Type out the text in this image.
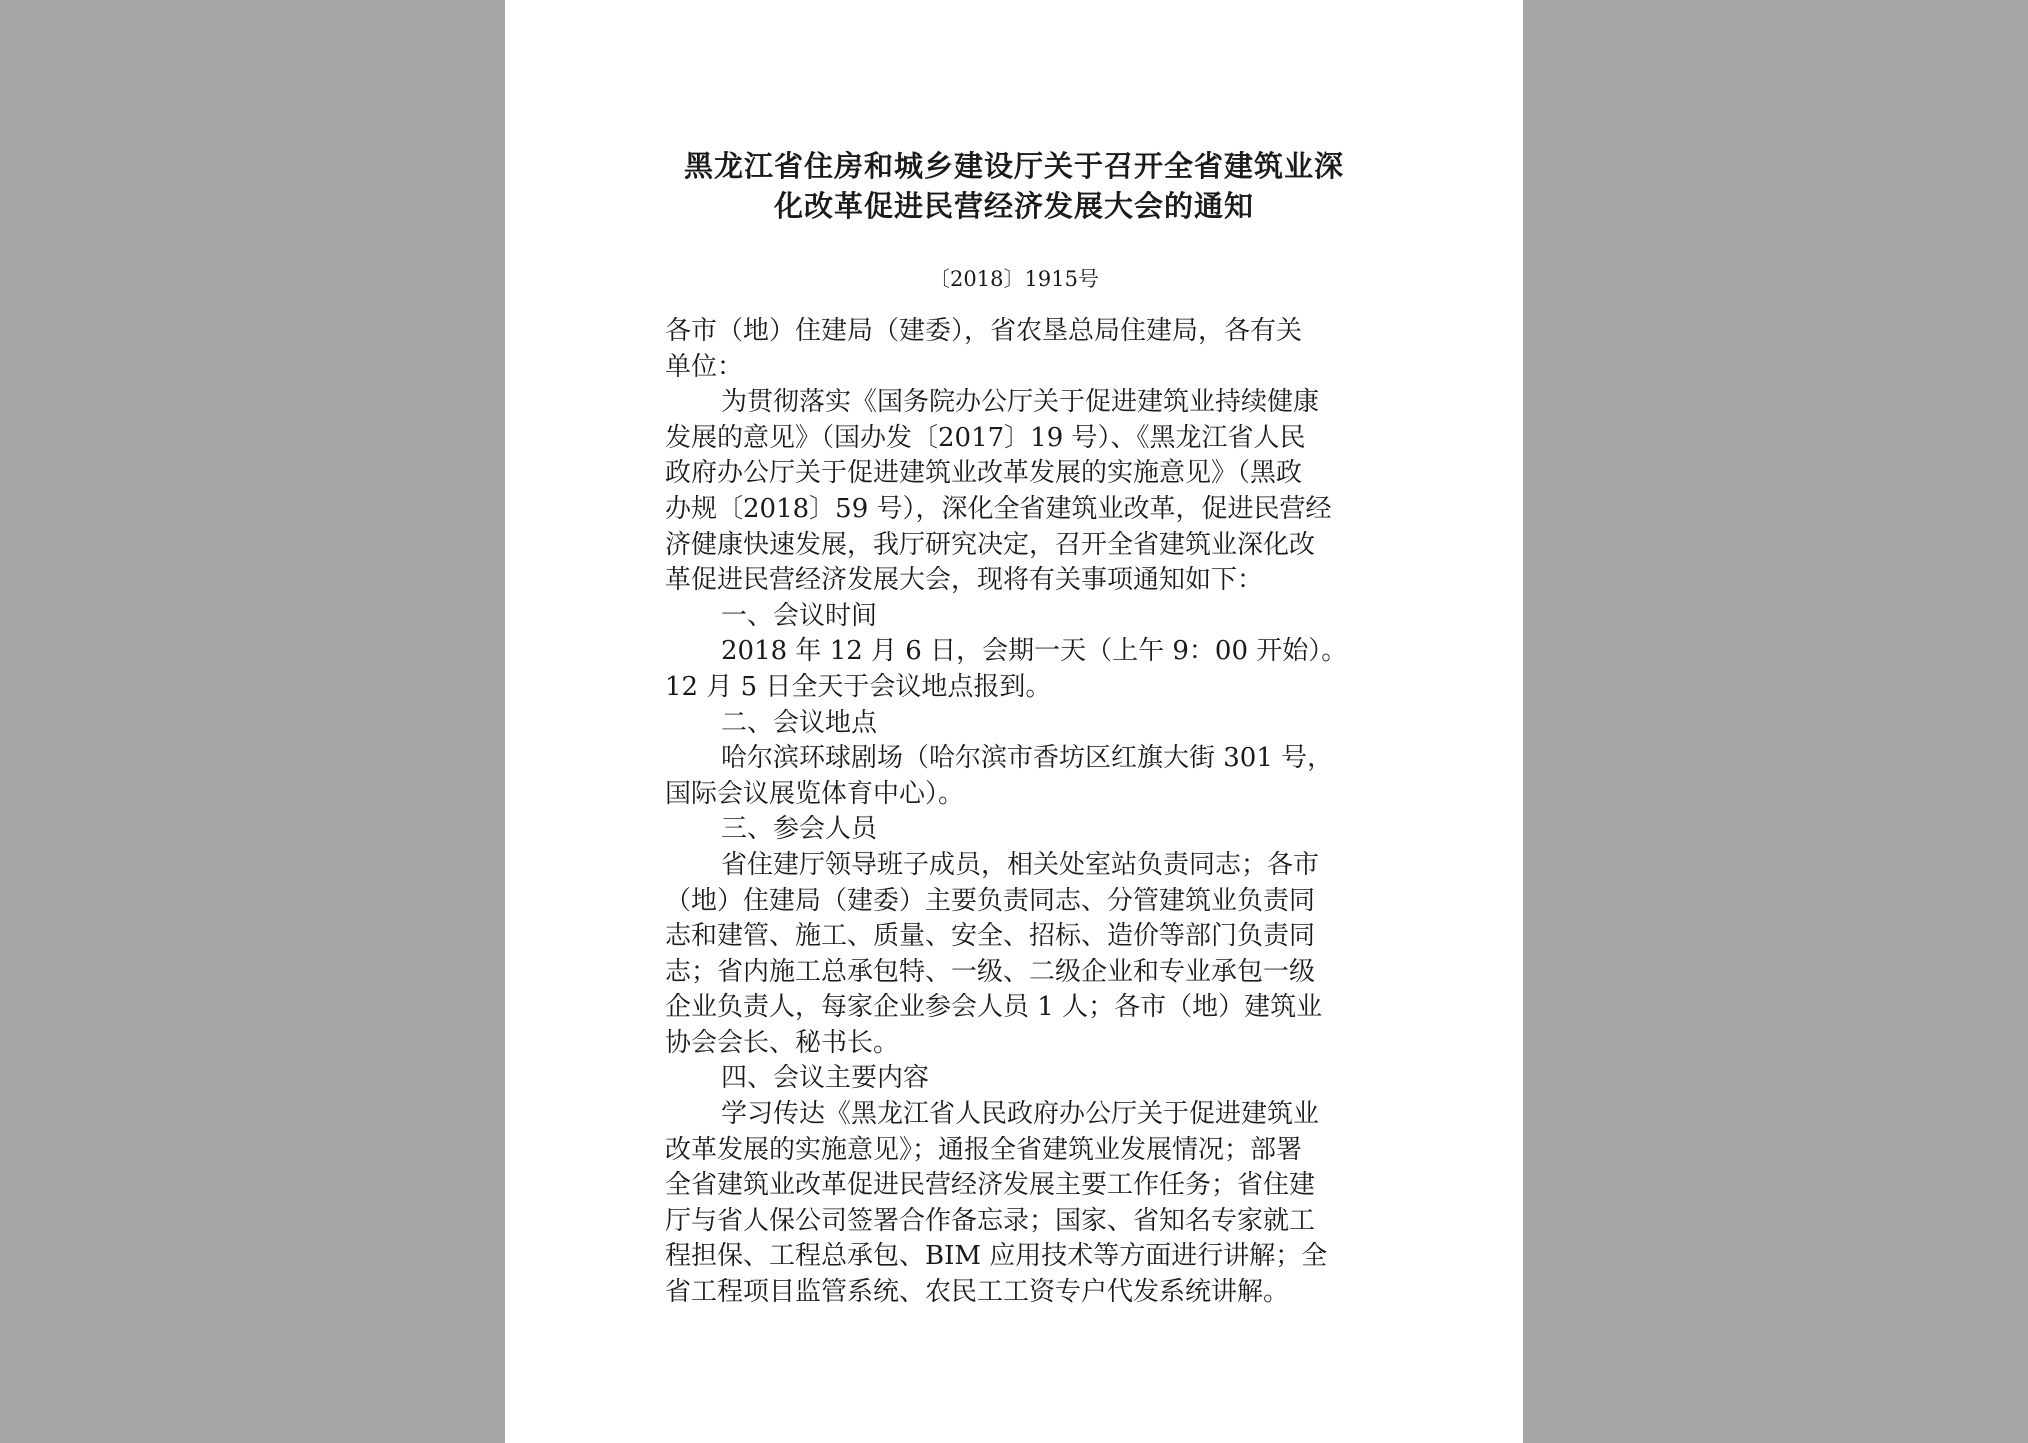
黑龙江省住房和城乡建设厅关于召开全省建筑业深
化改革促进民营经济发展大会的通知
〔2018〕1915号
各市（地）住建局（建委），省农垦总局住建局，各有关
单位：
为贯彻落实《国务院办公厅关于促进建筑业持续健康
发展的意见》（国办发〔2017〕19 号）、《黑龙江省人民
政府办公厅关于促进建筑业改革发展的实施意见》（黑政
办规〔2018〕59 号），深化全省建筑业改革，促进民营经
济健康快速发展，我厅研究决定，召开全省建筑业深化改
革促进民营经济发展大会，现将有关事项通知如下：
一、会议时间
2018 年 12 月 6 日，会期一天（上午 9：00 开始）。
12 月 5 日全天于会议地点报到。
二、会议地点
哈尔滨环球剧场（哈尔滨市香坊区红旗大街 301 号，
国际会议展览体育中心）。
三、参会人员
省住建厅领导班子成员，相关处室站负责同志；各市
（地）住建局（建委）主要负责同志、分管建筑业负责同
志和建管、施工、质量、安全、招标、造价等部门负责同
志；省内施工总承包特、一级、二级企业和专业承包一级
企业负责人，每家企业参会人员 1 人；各市（地）建筑业
协会会长、秘书长。
四、会议主要内容
学习传达《黑龙江省人民政府办公厅关于促进建筑业
改革发展的实施意见》；通报全省建筑业发展情况；部署
全省建筑业改革促进民营经济发展主要工作任务；省住建
厅与省人保公司签署合作备忘录；国家、省知名专家就工
程担保、工程总承包、BIM 应用技术等方面进行讲解；全
省工程项目监管系统、农民工工资专户代发系统讲解。
